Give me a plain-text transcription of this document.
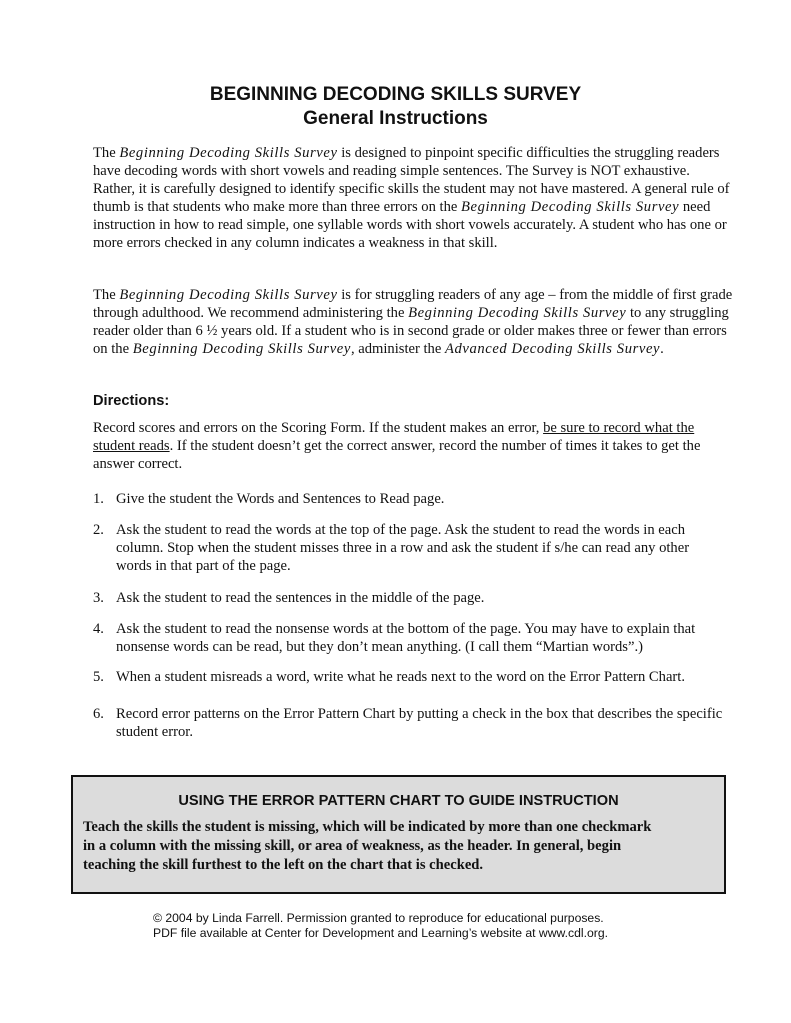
BEGINNING DECODING SKILLS SURVEY
General Instructions
The Beginning Decoding Skills Survey is designed to pinpoint specific difficulties the struggling readers have decoding words with short vowels and reading simple sentences. The Survey is NOT exhaustive. Rather, it is carefully designed to identify specific skills the student may not have mastered. A general rule of thumb is that students who make more than three errors on the Beginning Decoding Skills Survey need instruction in how to read simple, one syllable words with short vowels accurately. A student who has one or more errors checked in any column indicates a weakness in that skill.
The Beginning Decoding Skills Survey is for struggling readers of any age – from the middle of first grade through adulthood. We recommend administering the Beginning Decoding Skills Survey to any struggling reader older than 6 ½ years old. If a student who is in second grade or older makes three or fewer than errors on the Beginning Decoding Skills Survey, administer the Advanced Decoding Skills Survey.
Directions:
Record scores and errors on the Scoring Form. If the student makes an error, be sure to record what the student reads. If the student doesn’t get the correct answer, record the number of times it takes to get the answer correct.
1. Give the student the Words and Sentences to Read page.
2. Ask the student to read the words at the top of the page. Ask the student to read the words in each column. Stop when the student misses three in a row and ask the student if s/he can read any other words in that part of the page.
3. Ask the student to read the sentences in the middle of the page.
4. Ask the student to read the nonsense words at the bottom of the page. You may have to explain that nonsense words can be read, but they don’t mean anything. (I call them “Martian words”.)
5. When a student misreads a word, write what he reads next to the word on the Error Pattern Chart.
6. Record error patterns on the Error Pattern Chart by putting a check in the box that describes the specific student error.
USING THE ERROR PATTERN CHART TO GUIDE INSTRUCTION
Teach the skills the student is missing, which will be indicated by more than one checkmark
in a column with the missing skill, or area of weakness, as the header. In general, begin
teaching the skill furthest to the left on the chart that is checked.
© 2004 by Linda Farrell. Permission granted to reproduce for educational purposes.
PDF file available at Center for Development and Learning’s website at www.cdl.org.
